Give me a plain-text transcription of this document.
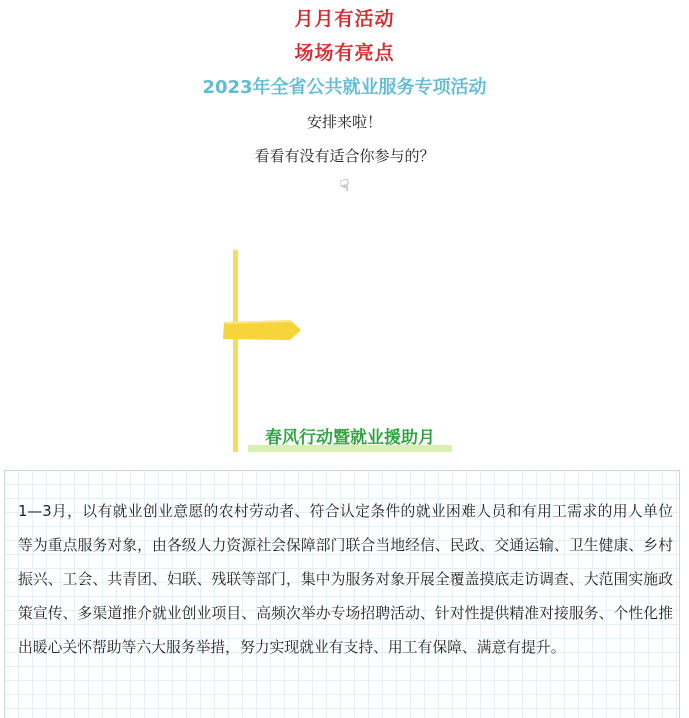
月月有活动
场场有亮点
2023年全省公共就业服务专项活动
安排来啦！
看看有没有适合你参与的？
☟
春风行动暨就业援助月

1—3月，以有就业创业意愿的农村劳动者、符合认定条件的就业困难人员和有用工需求的用人单位等为重点服务对象，由各级人力资源社会保障部门联合当地经信、民政、交通运输、卫生健康、乡村振兴、工会、共青团、妇联、残联等部门，集中为服务对象开展全覆盖摸底走访调查、大范围实施政策宣传、多渠道推介就业创业项目、高频次举办专场招聘活动、针对性提供精准对接服务、个性化推出暖心关怀帮助等六大服务举措，努力实现就业有支持、用工有保障、满意有提升。
